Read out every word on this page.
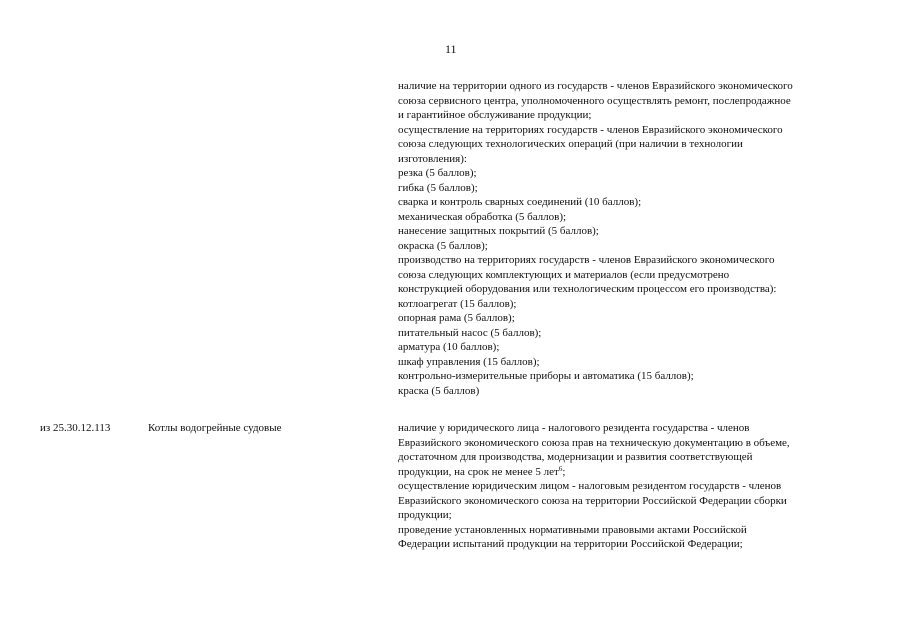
11
наличие на территории одного из государств - членов Евразийского экономического
союза сервисного центра, уполномоченного осуществлять ремонт, послепродажное
и гарантийное обслуживание продукции;
осуществление на территориях государств - членов Евразийского экономического
союза следующих технологических операций (при наличии в технологии
изготовления):
резка (5 баллов);
гибка (5 баллов);
сварка и контроль сварных соединений (10 баллов);
механическая обработка (5 баллов);
нанесение защитных покрытий (5 баллов);
окраска (5 баллов);
производство на территориях государств - членов Евразийского экономического
союза следующих комплектующих и материалов (если предусмотрено
конструкцией оборудования или технологическим процессом его производства):
котлоагрегат (15 баллов);
опорная рама (5 баллов);
питательный насос (5 баллов);
арматура (10 баллов);
шкаф управления (15 баллов);
контрольно-измерительные приборы и автоматика (15 баллов);
краска (5 баллов)
из 25.30.12.113	Котлы водогрейные судовые	наличие у юридического лица - налогового резидента государства - членов
Евразийского экономического союза прав на техническую документацию в объеме,
достаточном для производства, модернизации и развития соответствующей
продукции, на срок не менее 5 лет$^6$;
осуществление юридическим лицом - налоговым резидентом государств - членов
Евразийского экономического союза на территории Российской Федерации сборки
продукции;
проведение установленных нормативными правовыми актами Российской
Федерации испытаний продукции на территории Российской Федерации;
